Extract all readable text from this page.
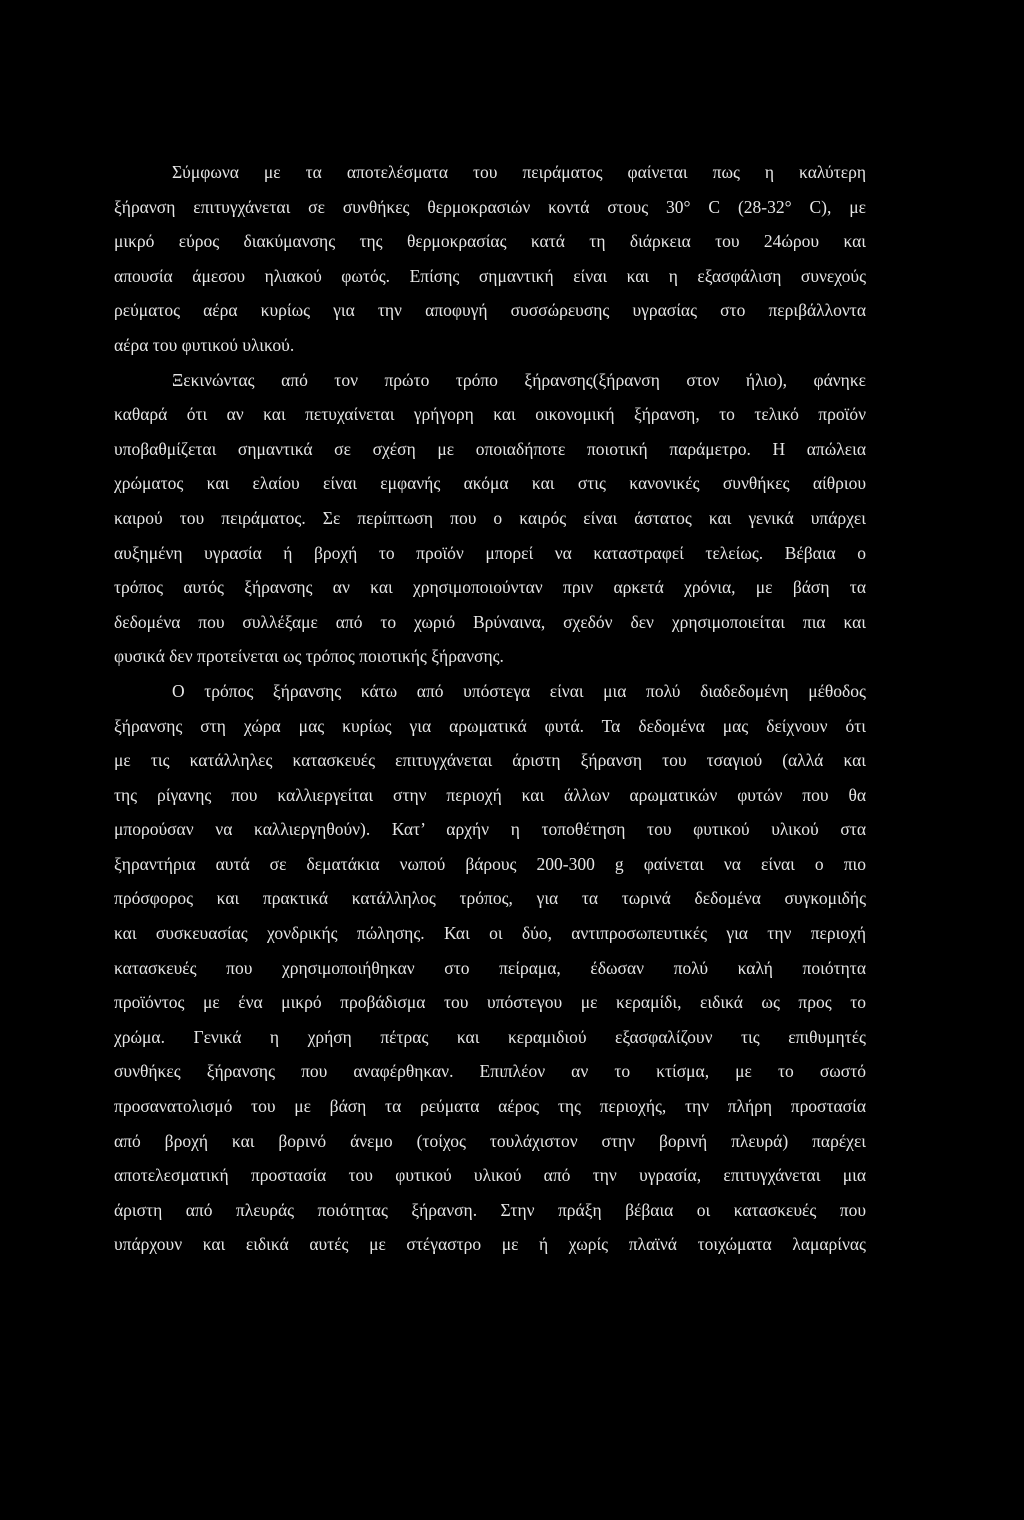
Σύμφωνα με τα αποτελέσματα του πειράματος φαίνεται πως η καλύτερη
ξήρανση επιτυγχάνεται σε συνθήκες θερμοκρασιών κοντά στους 30° C (28-32° C), με
μικρό εύρος διακύμανσης της θερμοκρασίας κατά τη διάρκεια του 24ώρου και
απουσία άμεσου ηλιακού φωτός. Επίσης σημαντική είναι και η εξασφάλιση συνεχούς
ρεύματος αέρα κυρίως για την αποφυγή συσσώρευσης υγρασίας στο περιβάλλοντα
αέρα του φυτικού υλικού.
Ξεκινώντας από τον πρώτο τρόπο ξήρανσης(ξήρανση στον ήλιο), φάνηκε
καθαρά ότι αν και πετυχαίνεται γρήγορη και οικονομική ξήρανση, το τελικό προϊόν
υποβαθμίζεται σημαντικά σε σχέση με οποιαδήποτε ποιοτική παράμετρο. Η απώλεια
χρώματος και ελαίου είναι εμφανής ακόμα και στις κανονικές συνθήκες αίθριου
καιρού του πειράματος. Σε περίπτωση που ο καιρός είναι άστατος και γενικά υπάρχει
αυξημένη υγρασία ή βροχή το προϊόν μπορεί να καταστραφεί τελείως. Βέβαια ο
τρόπος αυτός ξήρανσης αν και χρησιμοποιούνταν πριν αρκετά χρόνια, με βάση τα
δεδομένα που συλλέξαμε από το χωριό Βρύναινα, σχεδόν δεν χρησιμοποιείται πια και
φυσικά δεν προτείνεται ως τρόπος ποιοτικής ξήρανσης.
Ο τρόπος ξήρανσης κάτω από υπόστεγα είναι μια πολύ διαδεδομένη μέθοδος
ξήρανσης στη χώρα μας κυρίως για αρωματικά φυτά. Τα δεδομένα μας δείχνουν ότι
με τις κατάλληλες κατασκευές επιτυγχάνεται άριστη ξήρανση του τσαγιού (αλλά και
της ρίγανης που καλλιεργείται στην περιοχή και άλλων αρωματικών φυτών που θα
μπορούσαν να καλλιεργηθούν). Κατ’ αρχήν η τοποθέτηση του φυτικού υλικού στα
ξηραντήρια αυτά σε δεματάκια νωπού βάρους 200-300 g φαίνεται να είναι ο πιο
πρόσφορος και πρακτικά κατάλληλος τρόπος, για τα τωρινά δεδομένα συγκομιδής
και συσκευασίας χονδρικής πώλησης. Και οι δύο, αντιπροσωπευτικές για την περιοχή
κατασκευές που χρησιμοποιήθηκαν στο πείραμα, έδωσαν πολύ καλή ποιότητα
προϊόντος με ένα μικρό προβάδισμα του υπόστεγου με κεραμίδι, ειδικά ως προς το
χρώμα. Γενικά η χρήση πέτρας και κεραμιδιού εξασφαλίζουν τις επιθυμητές
συνθήκες ξήρανσης που αναφέρθηκαν. Επιπλέον αν το κτίσμα, με το σωστό
προσανατολισμό του με βάση τα ρεύματα αέρος της περιοχής, την πλήρη προστασία
από βροχή και βορινό άνεμο (τοίχος τουλάχιστον στην βορινή πλευρά) παρέχει
αποτελεσματική προστασία του φυτικού υλικού από την υγρασία, επιτυγχάνεται μια
άριστη από πλευράς ποιότητας ξήρανση. Στην πράξη βέβαια οι κατασκευές που
υπάρχουν και ειδικά αυτές με στέγαστρο με ή χωρίς πλαϊνά τοιχώματα λαμαρίνας
